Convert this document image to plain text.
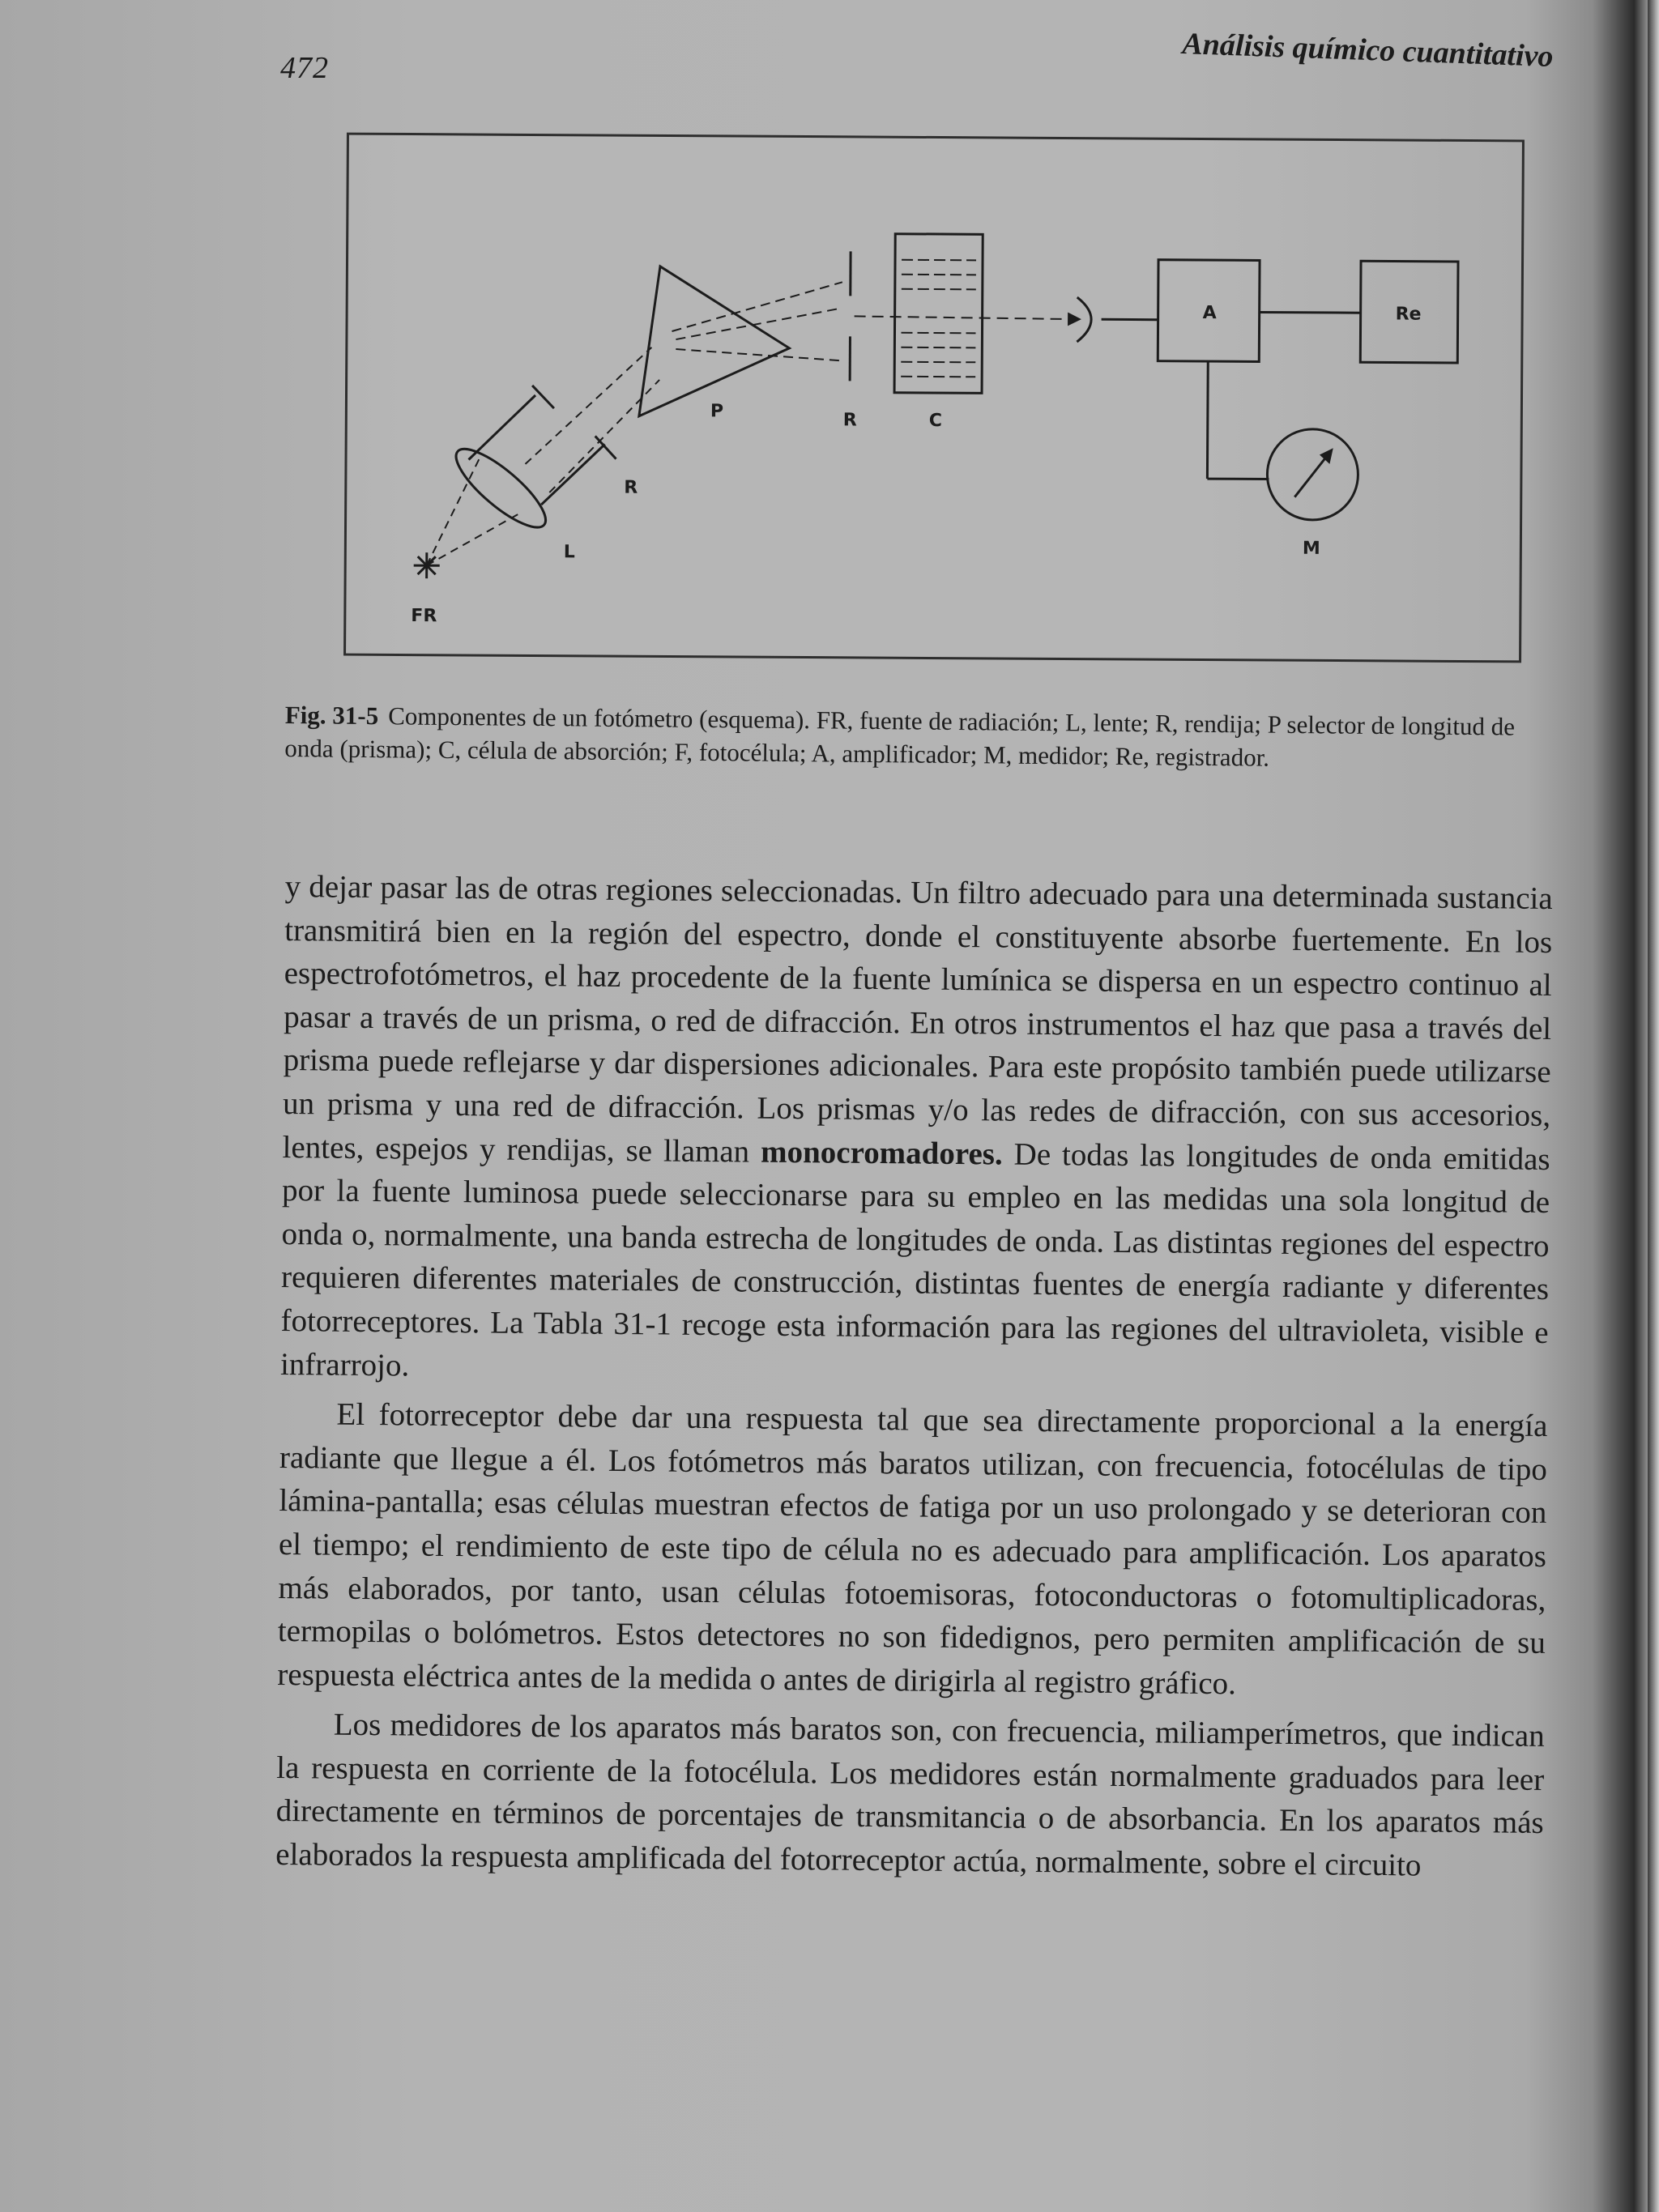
472	Análisis químico cuantitativo
FR
L
R
P	R	C
A	Re
M
Fig. 31-5 Componentes de un fotómetro (esquema). FR, fuente de radiación; L, lente; R, rendija; P selector de longitud de onda (prisma); C, célula de absorción; F, fotocélula; A, amplificador; M, medidor; Re, registrador.

y dejar pasar las de otras regiones seleccionadas. Un filtro adecuado para una determinada sustancia transmitirá bien en la región del espectro, donde el constituyente absorbe fuertemente. En los espectrofotómetros, el haz procedente de la fuente lumínica se dispersa en un espectro continuo al pasar a través de un prisma, o red de difracción. En otros instrumentos el haz que pasa a través del prisma puede reflejarse y dar dispersiones adicionales. Para este propósito también puede utilizarse un prisma y una red de difracción. Los prismas y/o las redes de difracción, con sus accesorios, lentes, espejos y rendijas, se llaman monocromadores. De todas las longitudes de onda emitidas por la fuente luminosa puede seleccionarse para su empleo en las medidas una sola longitud de onda o, normalmente, una banda estrecha de longitudes de onda. Las distintas regiones del espectro requieren diferentes materiales de construcción, distintas fuentes de energía radiante y diferentes fotorreceptores. La Tabla 31-1 recoge esta información para las regiones del ultravioleta, visible e infrarrojo.

El fotorreceptor debe dar una respuesta tal que sea directamente proporcional a la energía radiante que llegue a él. Los fotómetros más baratos utilizan, con frecuencia, fotocélulas de tipo lámina-pantalla; esas células muestran efectos de fatiga por un uso prolongado y se deterioran con el tiempo; el rendimiento de este tipo de célula no es adecuado para amplificación. Los aparatos más elaborados, por tanto, usan células fotoemisoras, fotoconductoras o fotomultiplicadoras, termopilas o bolómetros. Estos detectores no son fidedignos, pero permiten amplificación de su respuesta eléctrica antes de la medida o antes de dirigirla al registro gráfico.

Los medidores de los aparatos más baratos son, con frecuencia, miliamperímetros, que indican la respuesta en corriente de la fotocélula. Los medidores están normalmente graduados para leer directamente en términos de porcentajes de transmitancia o de absorbancia. En los aparatos más elaborados la respuesta amplificada del fotorreceptor actúa, normalmente, sobre el circuito
